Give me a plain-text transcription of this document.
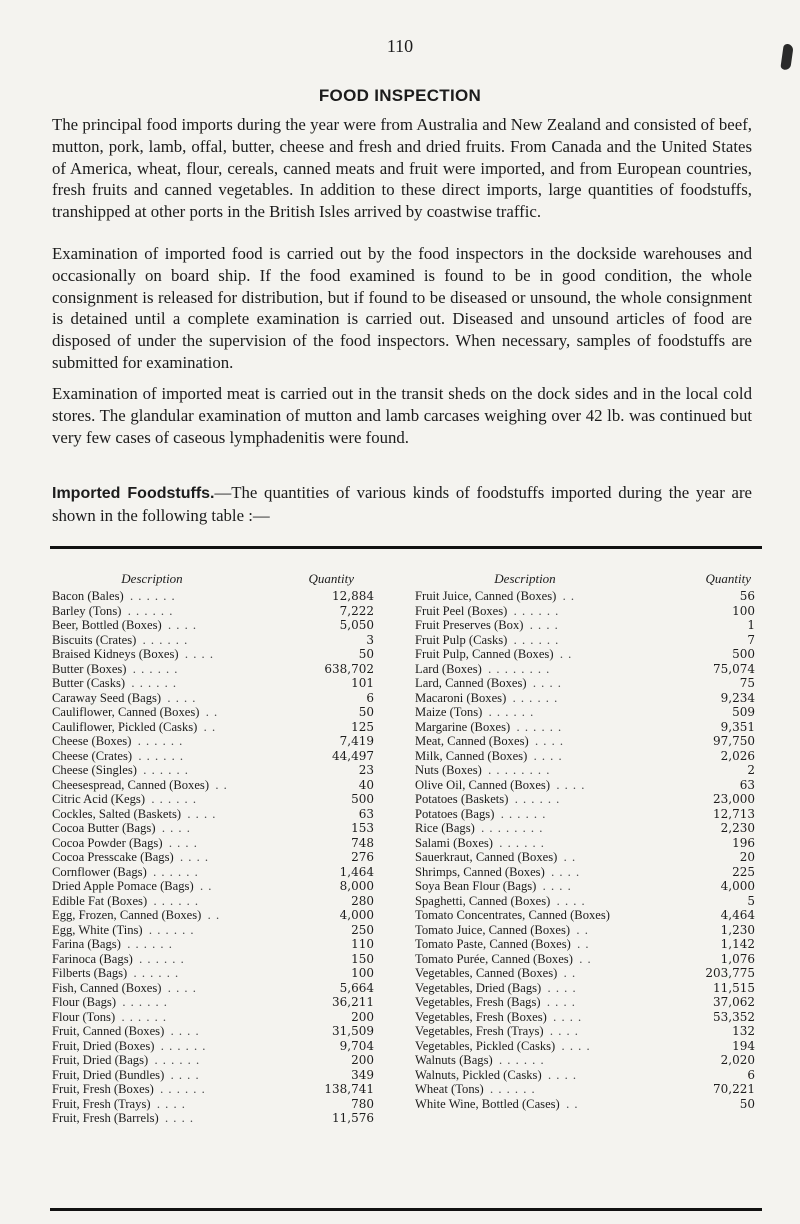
110
FOOD INSPECTION

The principal food imports during the year were from Australia and New Zealand and consisted of beef, mutton, pork, lamb, offal, butter, cheese and fresh and dried fruits. From Canada and the United States of America, wheat, flour, cereals, canned meats and fruit were imported, and from European countries, fresh fruits and canned vegetables. In addition to these direct imports, large quantities of foodstuffs, transhipped at other ports in the British Isles arrived by coastwise traffic.

Examination of imported food is carried out by the food inspectors in the dockside warehouses and occasionally on board ship. If the food examined is found to be in good condition, the whole consignment is released for distribution, but if found to be diseased or unsound, the whole consignment is detained until a complete examination is carried out. Diseased and unsound articles of food are disposed of under the supervision of the food inspectors. When necessary, samples of foodstuffs are submitted for examination.

Examination of imported meat is carried out in the transit sheds on the dock sides and in the local cold stores. The glandular examination of mutton and lamb carcases weighing over 42 lb. was continued but very few cases of caseous lymphadenitis were found.

Imported Foodstuffs.—The quantities of various kinds of foodstuffs imported during the year are shown in the following table :—

Description	Quantity
Bacon (Bales) . . . . . .	12,884
Barley (Tons) . . . . . .	7,222
Beer, Bottled (Boxes) . . . .	5,050
Biscuits (Crates) . . . . . .	3
Braised Kidneys (Boxes) . . . .	50
Butter (Boxes) . . . . . .	638,702
Butter (Casks) . . . . . .	101
Caraway Seed (Bags) . . . .	6
Cauliflower, Canned (Boxes) . .	50
Cauliflower, Pickled (Casks) . .	125
Cheese (Boxes) . . . . . .	7,419
Cheese (Crates) . . . . . .	44,497
Cheese (Singles) . . . . . .	23
Cheesespread, Canned (Boxes) . .	40
Citric Acid (Kegs) . . . . . .	500
Cockles, Salted (Baskets) . . . .	63
Cocoa Butter (Bags) . . . .	153
Cocoa Powder (Bags) . . . .	748
Cocoa Presscake (Bags) . . . .	276
Cornflower (Bags) . . . . . .	1,464
Dried Apple Pomace (Bags) . .	8,000
Edible Fat (Boxes) . . . . . .	280
Egg, Frozen, Canned (Boxes) . .	4,000
Egg, White (Tins) . . . . . .	250
Farina (Bags) . . . . . .	110
Farinoca (Bags) . . . . . .	150
Filberts (Bags) . . . . . .	100
Fish, Canned (Boxes) . . . .	5,664
Flour (Bags) . . . . . .	36,211
Flour (Tons) . . . . . .	200
Fruit, Canned (Boxes) . . . .	31,509
Fruit, Dried (Boxes) . . . . . .	9,704
Fruit, Dried (Bags) . . . . . .	200
Fruit, Dried (Bundles) . . . .	349
Fruit, Fresh (Boxes) . . . . . .	138,741
Fruit, Fresh (Trays) . . . .	780
Fruit, Fresh (Barrels) . . . .	11,576
Description	Quantity
Fruit Juice, Canned (Boxes) . .	56
Fruit Peel (Boxes) . . . . . .	100
Fruit Preserves (Box) . . . .	1
Fruit Pulp (Casks) . . . . . .	7
Fruit Pulp, Canned (Boxes) . .	500
Lard (Boxes) . . . . . . . .	75,074
Lard, Canned (Boxes) . . . .	75
Macaroni (Boxes) . . . . . .	9,234
Maize (Tons) . . . . . .	509
Margarine (Boxes) . . . . . .	9,351
Meat, Canned (Boxes) . . . .	97,750
Milk, Canned (Boxes) . . . .	2,026
Nuts (Boxes) . . . . . . . .	2
Olive Oil, Canned (Boxes) . . . .	63
Potatoes (Baskets) . . . . . .	23,000
Potatoes (Bags) . . . . . .	12,713
Rice (Bags) . . . . . . . .	2,230
Salami (Boxes) . . . . . .	196
Sauerkraut, Canned (Boxes) . .	20
Shrimps, Canned (Boxes) . . . .	225
Soya Bean Flour (Bags) . . . .	4,000
Spaghetti, Canned (Boxes) . . . .	5
Tomato Concentrates, Canned (Boxes)	4,464
Tomato Juice, Canned (Boxes) . .	1,230
Tomato Paste, Canned (Boxes) . .	1,142
Tomato Purée, Canned (Boxes) . .	1,076
Vegetables, Canned (Boxes) . .	203,775
Vegetables, Dried (Bags) . . . .	11,515
Vegetables, Fresh (Bags) . . . .	37,062
Vegetables, Fresh (Boxes) . . . .	53,352
Vegetables, Fresh (Trays) . . . .	132
Vegetables, Pickled (Casks) . . . .	194
Walnuts (Bags) . . . . . .	2,020
Walnuts, Pickled (Casks) . . . .	6
Wheat (Tons) . . . . . .	70,221
White Wine, Bottled (Cases) . .	50
